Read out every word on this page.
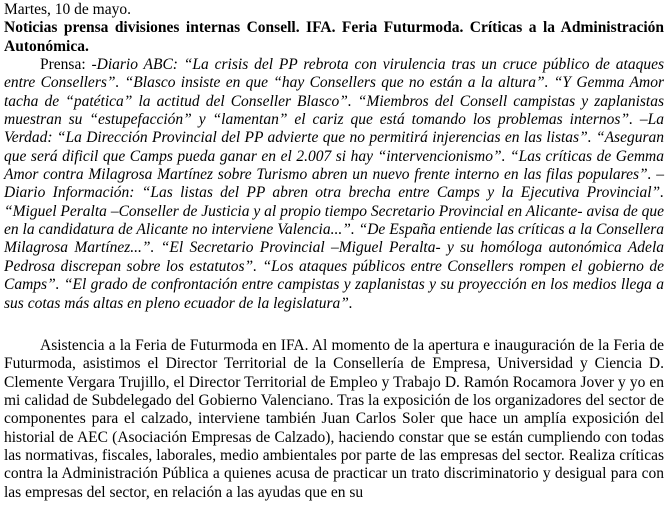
Martes, 10 de mayo.

Noticias prensa divisiones internas Consell. IFA. Feria Futurmoda. Críticas a la Administración Autonómica.

Prensa: -Diario ABC: “La crisis del PP rebrota con virulencia tras un cruce público de ataques entre Consellers”. “Blasco insiste en que “hay Consellers que no están a la altura”. “Y Gemma Amor tacha de “patética” la actitud del Conseller Blasco”. “Miembros del Consell campistas y zaplanistas muestran su “estupefacción” y “lamentan” el cariz que está tomando los problemas internos”. –La Verdad: “La Dirección Provincial del PP advierte que no permitirá injerencias en las listas”. “Aseguran que será dificil que Camps pueda ganar en el 2.007 si hay “intervencionismo”. “Las críticas de Gemma Amor contra Milagrosa Martínez sobre Turismo abren un nuevo frente interno en las filas populares”. – Diario Información: “Las listas del PP abren otra brecha entre Camps y la Ejecutiva Provincial”. “Miguel Peralta –Conseller de Justicia y al propio tiempo Secretario Provincial en Alicante- avisa de que en la candidatura de Alicante no interviene Valencia...”. “De España entiende las críticas a la Consellera Milagrosa Martínez...”. “El Secretario Provincial –Miguel Peralta- y su homóloga autonómica Adela Pedrosa discrepan sobre los estatutos”. “Los ataques públicos entre Consellers rompen el gobierno de Camps”. “El grado de confrontación entre campistas y zaplanistas y su proyección en los medios llega a sus cotas más altas en pleno ecuador de la legislatura”.

Asistencia a la Feria de Futurmoda en IFA. Al momento de la apertura e inauguración de la Feria de Futurmoda, asistimos el Director Territorial de la Consellería de Empresa, Universidad y Ciencia D. Clemente Vergara Trujillo, el Director Territorial de Empleo y Trabajo D. Ramón Rocamora Jover y yo en mi calidad de Subdelegado del Gobierno Valenciano. Tras la exposición de los organizadores del sector de componentes para el calzado, interviene también Juan Carlos Soler que hace un amplía exposición del historial de AEC (Asociación Empresas de Calzado), haciendo constar que se están cumpliendo con todas las normativas, fiscales, laborales, medio ambientales por parte de las empresas del sector. Realiza críticas contra la Administración Pública a quienes acusa de practicar un trato discriminatorio y desigual para con las empresas del sector, en relación a las ayudas que en su
